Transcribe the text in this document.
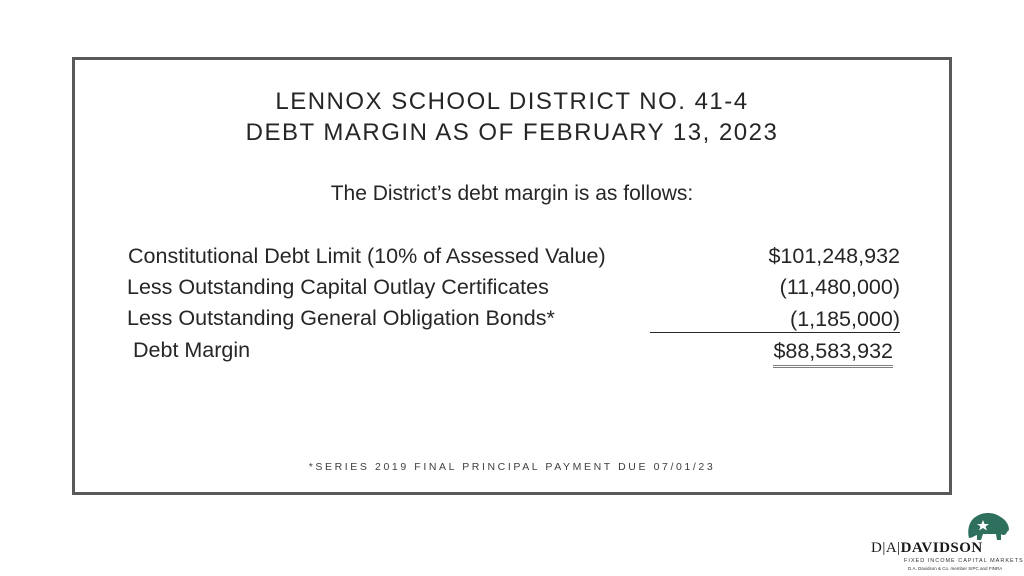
LENNOX SCHOOL DISTRICT NO. 41-4
DEBT MARGIN AS OF FEBRUARY 13, 2023
The District’s debt margin is as follows:
Constitutional Debt Limit (10% of Assessed Value)	$101,248,932
Less Outstanding Capital Outlay Certificates	(11,480,000)
Less Outstanding General Obligation Bonds*	(1,185,000)
Debt Margin	$88,583,932
*SERIES 2019 FINAL PRINCIPAL PAYMENT DUE 07/01/23
D|A|DAVIDSON
FIXED INCOME CAPITAL MARKETS
D.A. Davidson & Co. member SIPC and FINRA
